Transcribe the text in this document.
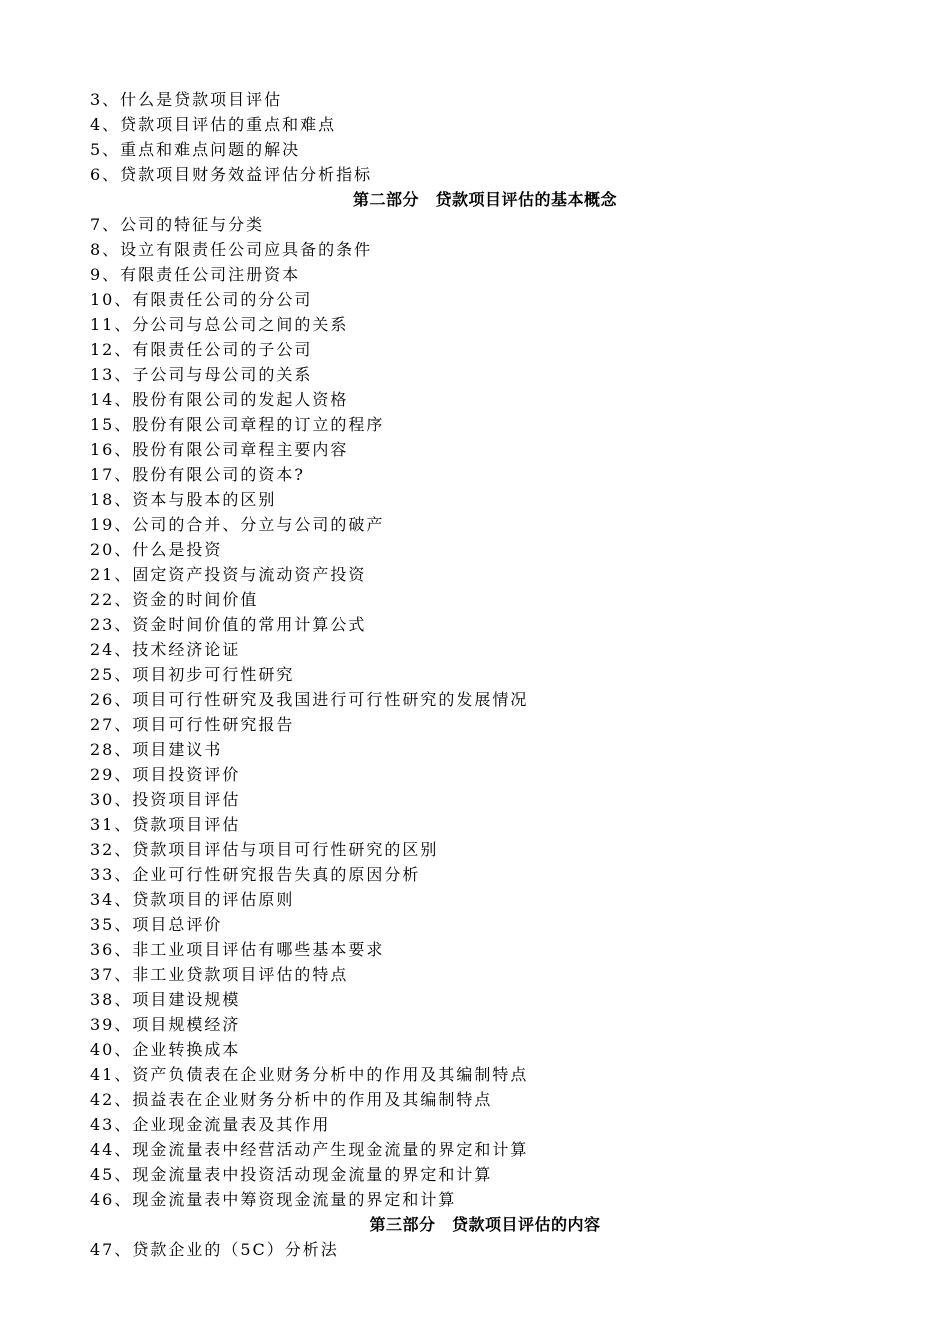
3、什么是贷款项目评估
4、贷款项目评估的重点和难点
5、重点和难点问题的解决
6、贷款项目财务效益评估分析指标
第二部分　贷款项目评估的基本概念
7、公司的特征与分类
8、设立有限责任公司应具备的条件
9、有限责任公司注册资本
10、有限责任公司的分公司
11、分公司与总公司之间的关系
12、有限责任公司的子公司
13、子公司与母公司的关系
14、股份有限公司的发起人资格
15、股份有限公司章程的订立的程序
16、股份有限公司章程主要内容
17、股份有限公司的资本?
18、资本与股本的区别
19、公司的合并、分立与公司的破产
20、什么是投资
21、固定资产投资与流动资产投资
22、资金的时间价值
23、资金时间价值的常用计算公式
24、技术经济论证
25、项目初步可行性研究
26、项目可行性研究及我国进行可行性研究的发展情况
27、项目可行性研究报告
28、项目建议书
29、项目投资评价
30、投资项目评估
31、贷款项目评估
32、贷款项目评估与项目可行性研究的区别
33、企业可行性研究报告失真的原因分析
34、贷款项目的评估原则
35、项目总评价
36、非工业项目评估有哪些基本要求
37、非工业贷款项目评估的特点
38、项目建设规模
39、项目规模经济
40、企业转换成本
41、资产负债表在企业财务分析中的作用及其编制特点
42、损益表在企业财务分析中的作用及其编制特点
43、企业现金流量表及其作用
44、现金流量表中经营活动产生现金流量的界定和计算
45、现金流量表中投资活动现金流量的界定和计算
46、现金流量表中筹资现金流量的界定和计算
第三部分　贷款项目评估的内容
47、贷款企业的（5C）分析法
